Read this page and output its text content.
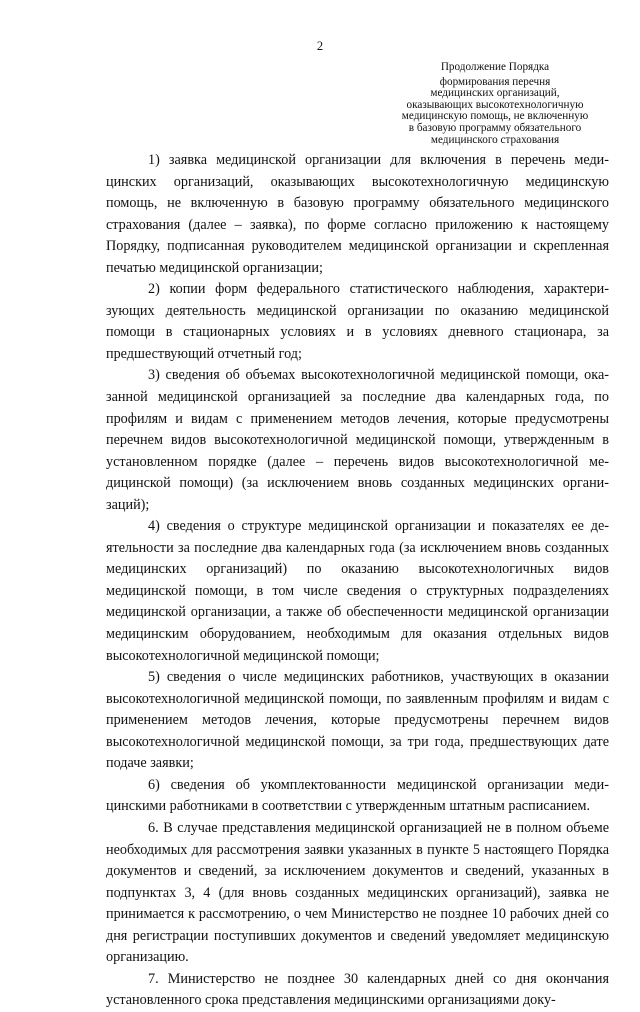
2
Продолжение Порядка
формирования перечня
медицинских организаций,
оказывающих высокотехнологичную
медицинскую помощь, не включенную
в базовую программу обязательного
медицинского страхования

1) заявка медицинской организации для включения в перечень медицинских организаций, оказывающих высокотехнологичную медицинскую помощь, не включенную в базовую программу обязательного медицинского страхования (далее – заявка), по форме согласно приложению к настоящему Порядку, подписанная руководителем медицинской организации и скрепленная печатью медицинской организации;

2) копии форм федерального статистического наблюдения, характеризующих деятельность медицинской организации по оказанию медицинской помощи в стационарных условиях и в условиях дневного стационара, за предшествующий отчетный год;

3) сведения об объемах высокотехнологичной медицинской помощи, оказанной медицинской организацией за последние два календарных года, по профилям и видам с применением методов лечения, которые предусмотрены перечнем видов высокотехнологичной медицинской помощи, утвержденным в установленном порядке (далее – перечень видов высокотехнологичной медицинской помощи) (за исключением вновь созданных медицинских организаций);

4) сведения о структуре медицинской организации и показателях ее деятельности за последние два календарных года (за исключением вновь созданных медицинских организаций) по оказанию высокотехнологичных видов медицинской помощи, в том числе сведения о структурных подразделениях медицинской организации, а также об обеспеченности медицинской организации медицинским оборудованием, необходимым для оказания отдельных видов высокотехнологичной медицинской помощи;

5) сведения о числе медицинских работников, участвующих в оказании высокотехнологичной медицинской помощи, по заявленным профилям и видам с применением методов лечения, которые предусмотрены перечнем видов высокотехнологичной медицинской помощи, за три года, предшествующих дате подаче заявки;

6) сведения об укомплектованности медицинской организации медицинскими работниками в соответствии с утвержденным штатным расписанием.

6. В случае представления медицинской организацией не в полном объеме необходимых для рассмотрения заявки указанных в пункте 5 настоящего Порядка документов и сведений, за исключением документов и сведений, указанных в подпунктах 3, 4 (для вновь созданных медицинских организаций), заявка не принимается к рассмотрению, о чем Министерство не позднее 10 рабочих дней со дня регистрации поступивших документов и сведений уведомляет медицинскую организацию.

7. Министерство не позднее 30 календарных дней со дня окончания установленного срока представления медицинскими организациями доку-
